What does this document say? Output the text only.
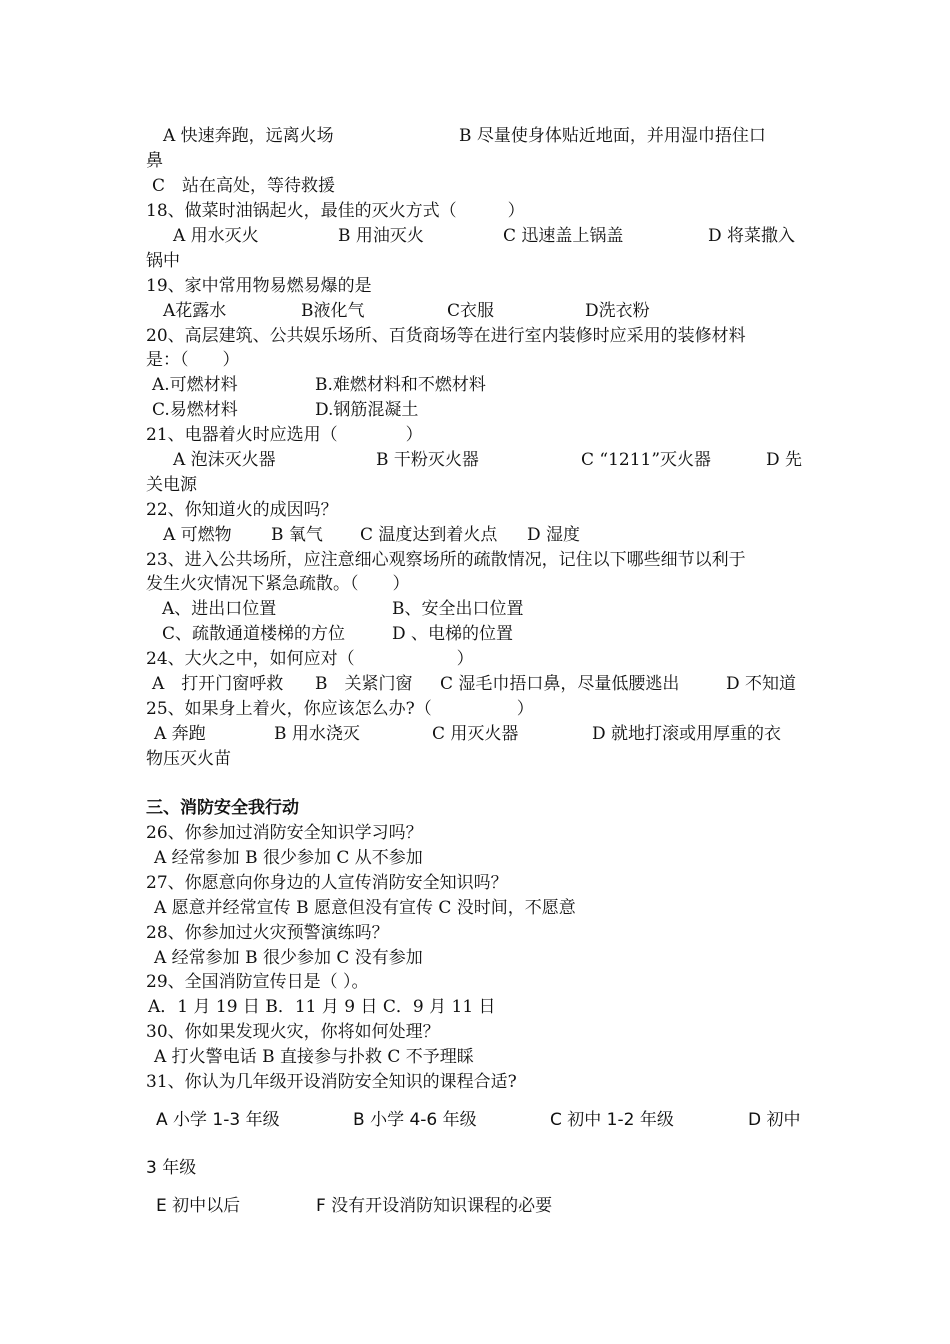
A 快速奔跑，远离火场	B 尽量使身体贴近地面，并用湿巾捂住口
鼻
C　站在高处，等待救援
18、做菜时油锅起火，最佳的灭火方式（　　　）
A 用水灭火	B 用油灭火	C 迅速盖上锅盖	D 将菜撒入
锅中
19、家中常用物易燃易爆的是
A花露水	B液化气	C衣服	D洗衣粉
20、高层建筑、公共娱乐场所、百货商场等在进行室内装修时应采用的装修材料
是：（　　）
A.可燃材料	B.难燃材料和不燃材料
C.易燃材料	D.钢筋混凝土
21、电器着火时应选用（　　　　）
A 泡沫灭火器	B 干粉灭火器	C “1211”灭火器	D 先
关电源
22、你知道火的成因吗？
A 可燃物 B 氧气 C 温度达到着火点 D 湿度
23、进入公共场所，应注意细心观察场所的疏散情况，记住以下哪些细节以利于
发生火灾情况下紧急疏散。（　　）
A、进出口位置	B、安全出口位置
C、疏散通道楼梯的方位	D 、电梯的位置
24、大火之中，如何应对（　　　　　　）
A　打开门窗呼救 B　关紧门窗 C 湿毛巾捂口鼻，尽量低腰逃出	D 不知道
25、如果身上着火，你应该怎么办?（　　　　　）
A 奔跑	B 用水浇灭	C 用灭火器	D 就地打滚或用厚重的衣
物压灭火苗
三、消防安全我行动
26、你参加过消防安全知识学习吗？
A 经常参加 B 很少参加 C 从不参加
27、你愿意向你身边的人宣传消防安全知识吗？
A 愿意并经常宣传 B 愿意但没有宣传 C 没时间，不愿意
28、你参加过火灾预警演练吗？
A 经常参加 B 很少参加 C 没有参加
29、全国消防宣传日是（ ）。
A．1 月 19 日 B．11 月 9 日 C．9 月 11 日
30、你如果发现火灾，你将如何处理？
A 打火警电话 B 直接参与扑救 C 不予理睬
31、你认为几年级开设消防安全知识的课程合适?
A 小学 1-3 年级	B 小学 4-6 年级	C 初中 1-2 年级	D 初中
3 年级
E 初中以后	F 没有开设消防知识课程的必要
